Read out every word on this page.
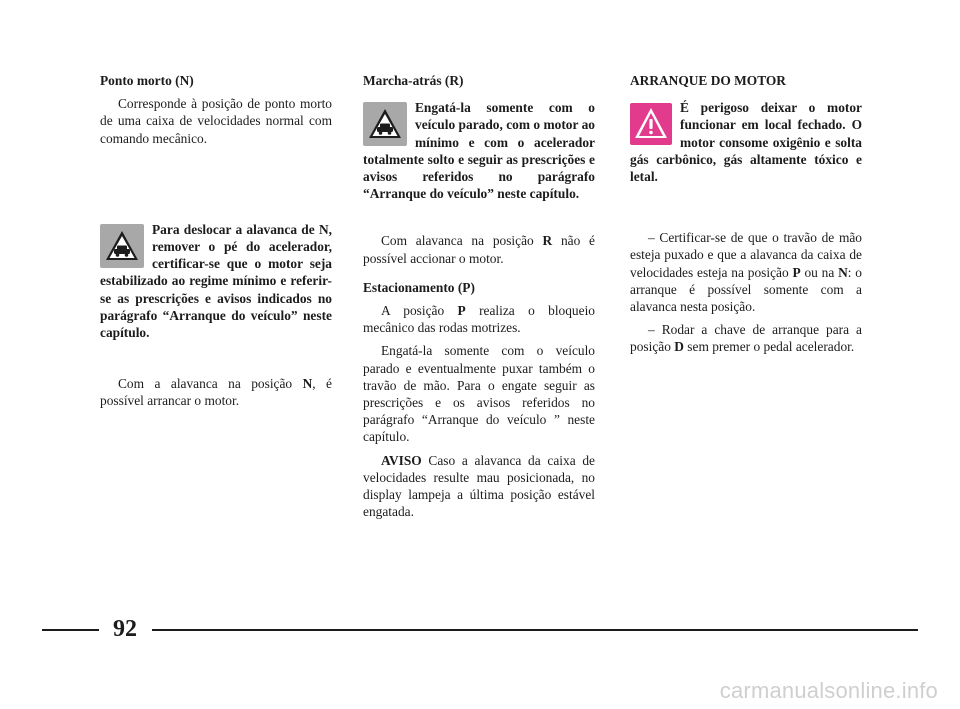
Ponto morto (N)
Corresponde à posição de ponto morto de uma caixa de velocidades normal com comando mecânico.
Para deslocar a alavanca de N, remover o pé do acelerador, certificar-se que o motor seja estabilizado ao regime mínimo e referir-se as prescrições e avisos indicados no parágrafo “Arranque do veículo” neste capítulo.
Com a alavanca na posição N, é possível arrancar o motor.
Marcha-atrás (R)
Engatá-la somente com o veículo parado, com o motor ao mínimo e com o acelerador totalmente solto e seguir as prescrições e avisos referidos no parágrafo “Arranque do veículo” neste capítulo.
Com alavanca na posição R não é possível accionar o motor.
Estacionamento (P)
A posição P realiza o bloqueio mecânico das rodas motrizes.
Engatá-la somente com o veículo parado e eventualmente puxar também o travão de mão. Para o engate seguir as prescrições e os avisos referidos no parágrafo “Arranque do veículo ” neste capítulo.
AVISO Caso a alavanca da caixa de velocidades resulte mau posicionada, no display lampeja a última posição estável engatada.
ARRANQUE DO MOTOR
É perigoso deixar o motor funcionar em local fechado. O motor consome oxigênio e solta gás carbônico, gás altamente tóxico e letal.
– Certificar-se de que o travão de mão esteja puxado e que a alavanca da caixa de velocidades esteja na posição P ou na N: o arranque é possível somente com a alavanca nesta posição.
– Rodar a chave de arranque para a posição D sem premer o pedal acelerador.
92
carmanualsonline.info
